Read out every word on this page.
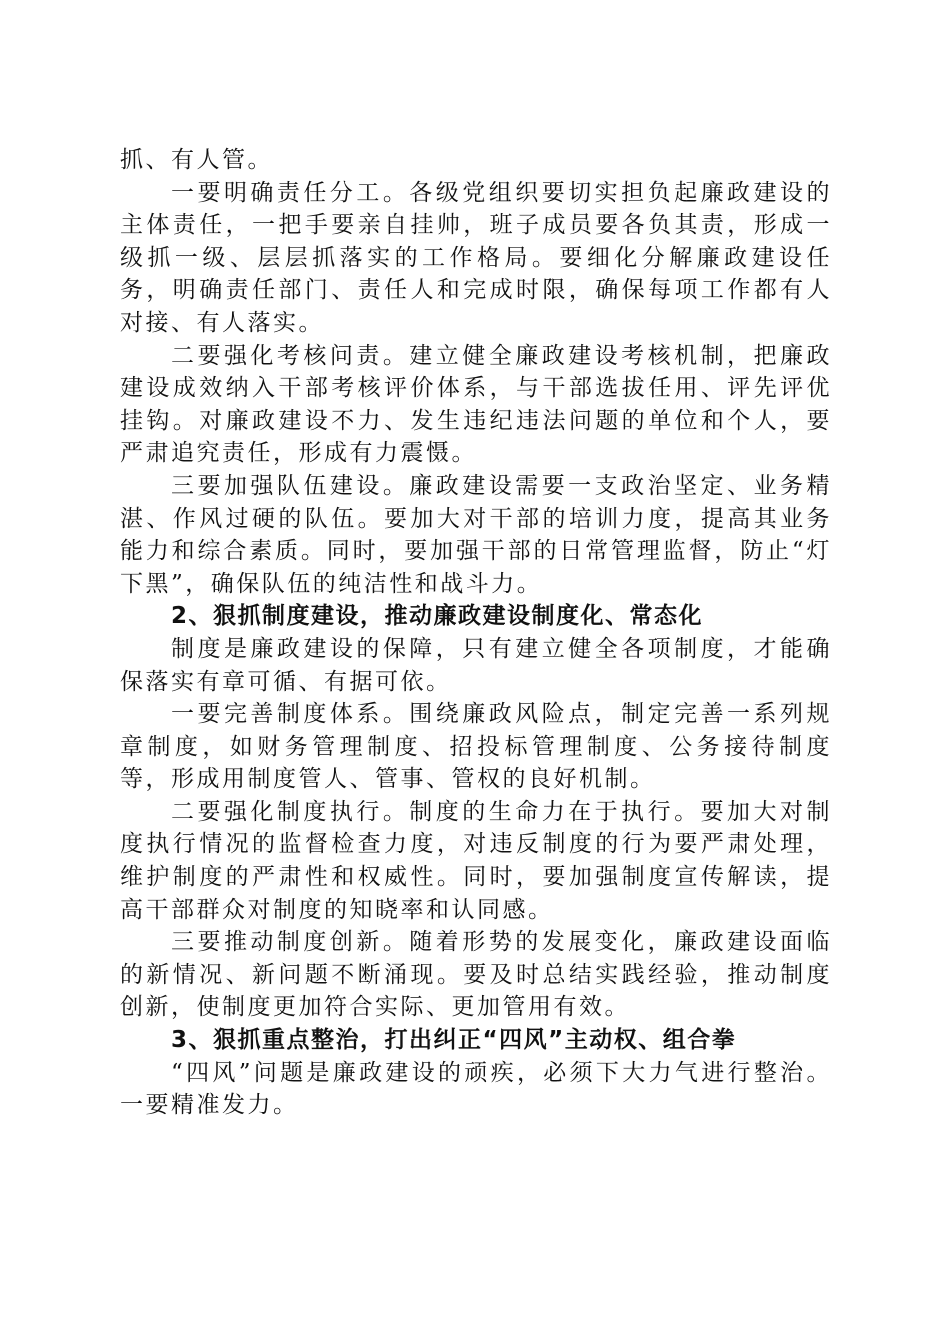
抓、有人管。

一要明确责任分工。各级党组织要切实担负起廉政建设的主体责任，一把手要亲自挂帅，班子成员要各负其责，形成一级抓一级、层层抓落实的工作格局。要细化分解廉政建设任务，明确责任部门、责任人和完成时限，确保每项工作都有人对接、有人落实。

二要强化考核问责。建立健全廉政建设考核机制，把廉政建设成效纳入干部考核评价体系，与干部选拔任用、评先评优挂钩。对廉政建设不力、发生违纪违法问题的单位和个人，要严肃追究责任，形成有力震慑。

三要加强队伍建设。廉政建设需要一支政治坚定、业务精湛、作风过硬的队伍。要加大对干部的培训力度，提高其业务能力和综合素质。同时，要加强干部的日常管理监督，防止“灯下黑”，确保队伍的纯洁性和战斗力。

2、狠抓制度建设，推动廉政建设制度化、常态化

制度是廉政建设的保障，只有建立健全各项制度，才能确保落实有章可循、有据可依。

一要完善制度体系。围绕廉政风险点，制定完善一系列规章制度，如财务管理制度、招投标管理制度、公务接待制度等，形成用制度管人、管事、管权的良好机制。

二要强化制度执行。制度的生命力在于执行。要加大对制度执行情况的监督检查力度，对违反制度的行为要严肃处理，维护制度的严肃性和权威性。同时，要加强制度宣传解读，提高干部群众对制度的知晓率和认同感。

三要推动制度创新。随着形势的发展变化，廉政建设面临的新情况、新问题不断涌现。要及时总结实践经验，推动制度创新，使制度更加符合实际、更加管用有效。

3、狠抓重点整治，打出纠正“四风”主动权、组合拳

“四风”问题是廉政建设的顽疾，必须下大力气进行整治。一要精准发力。
